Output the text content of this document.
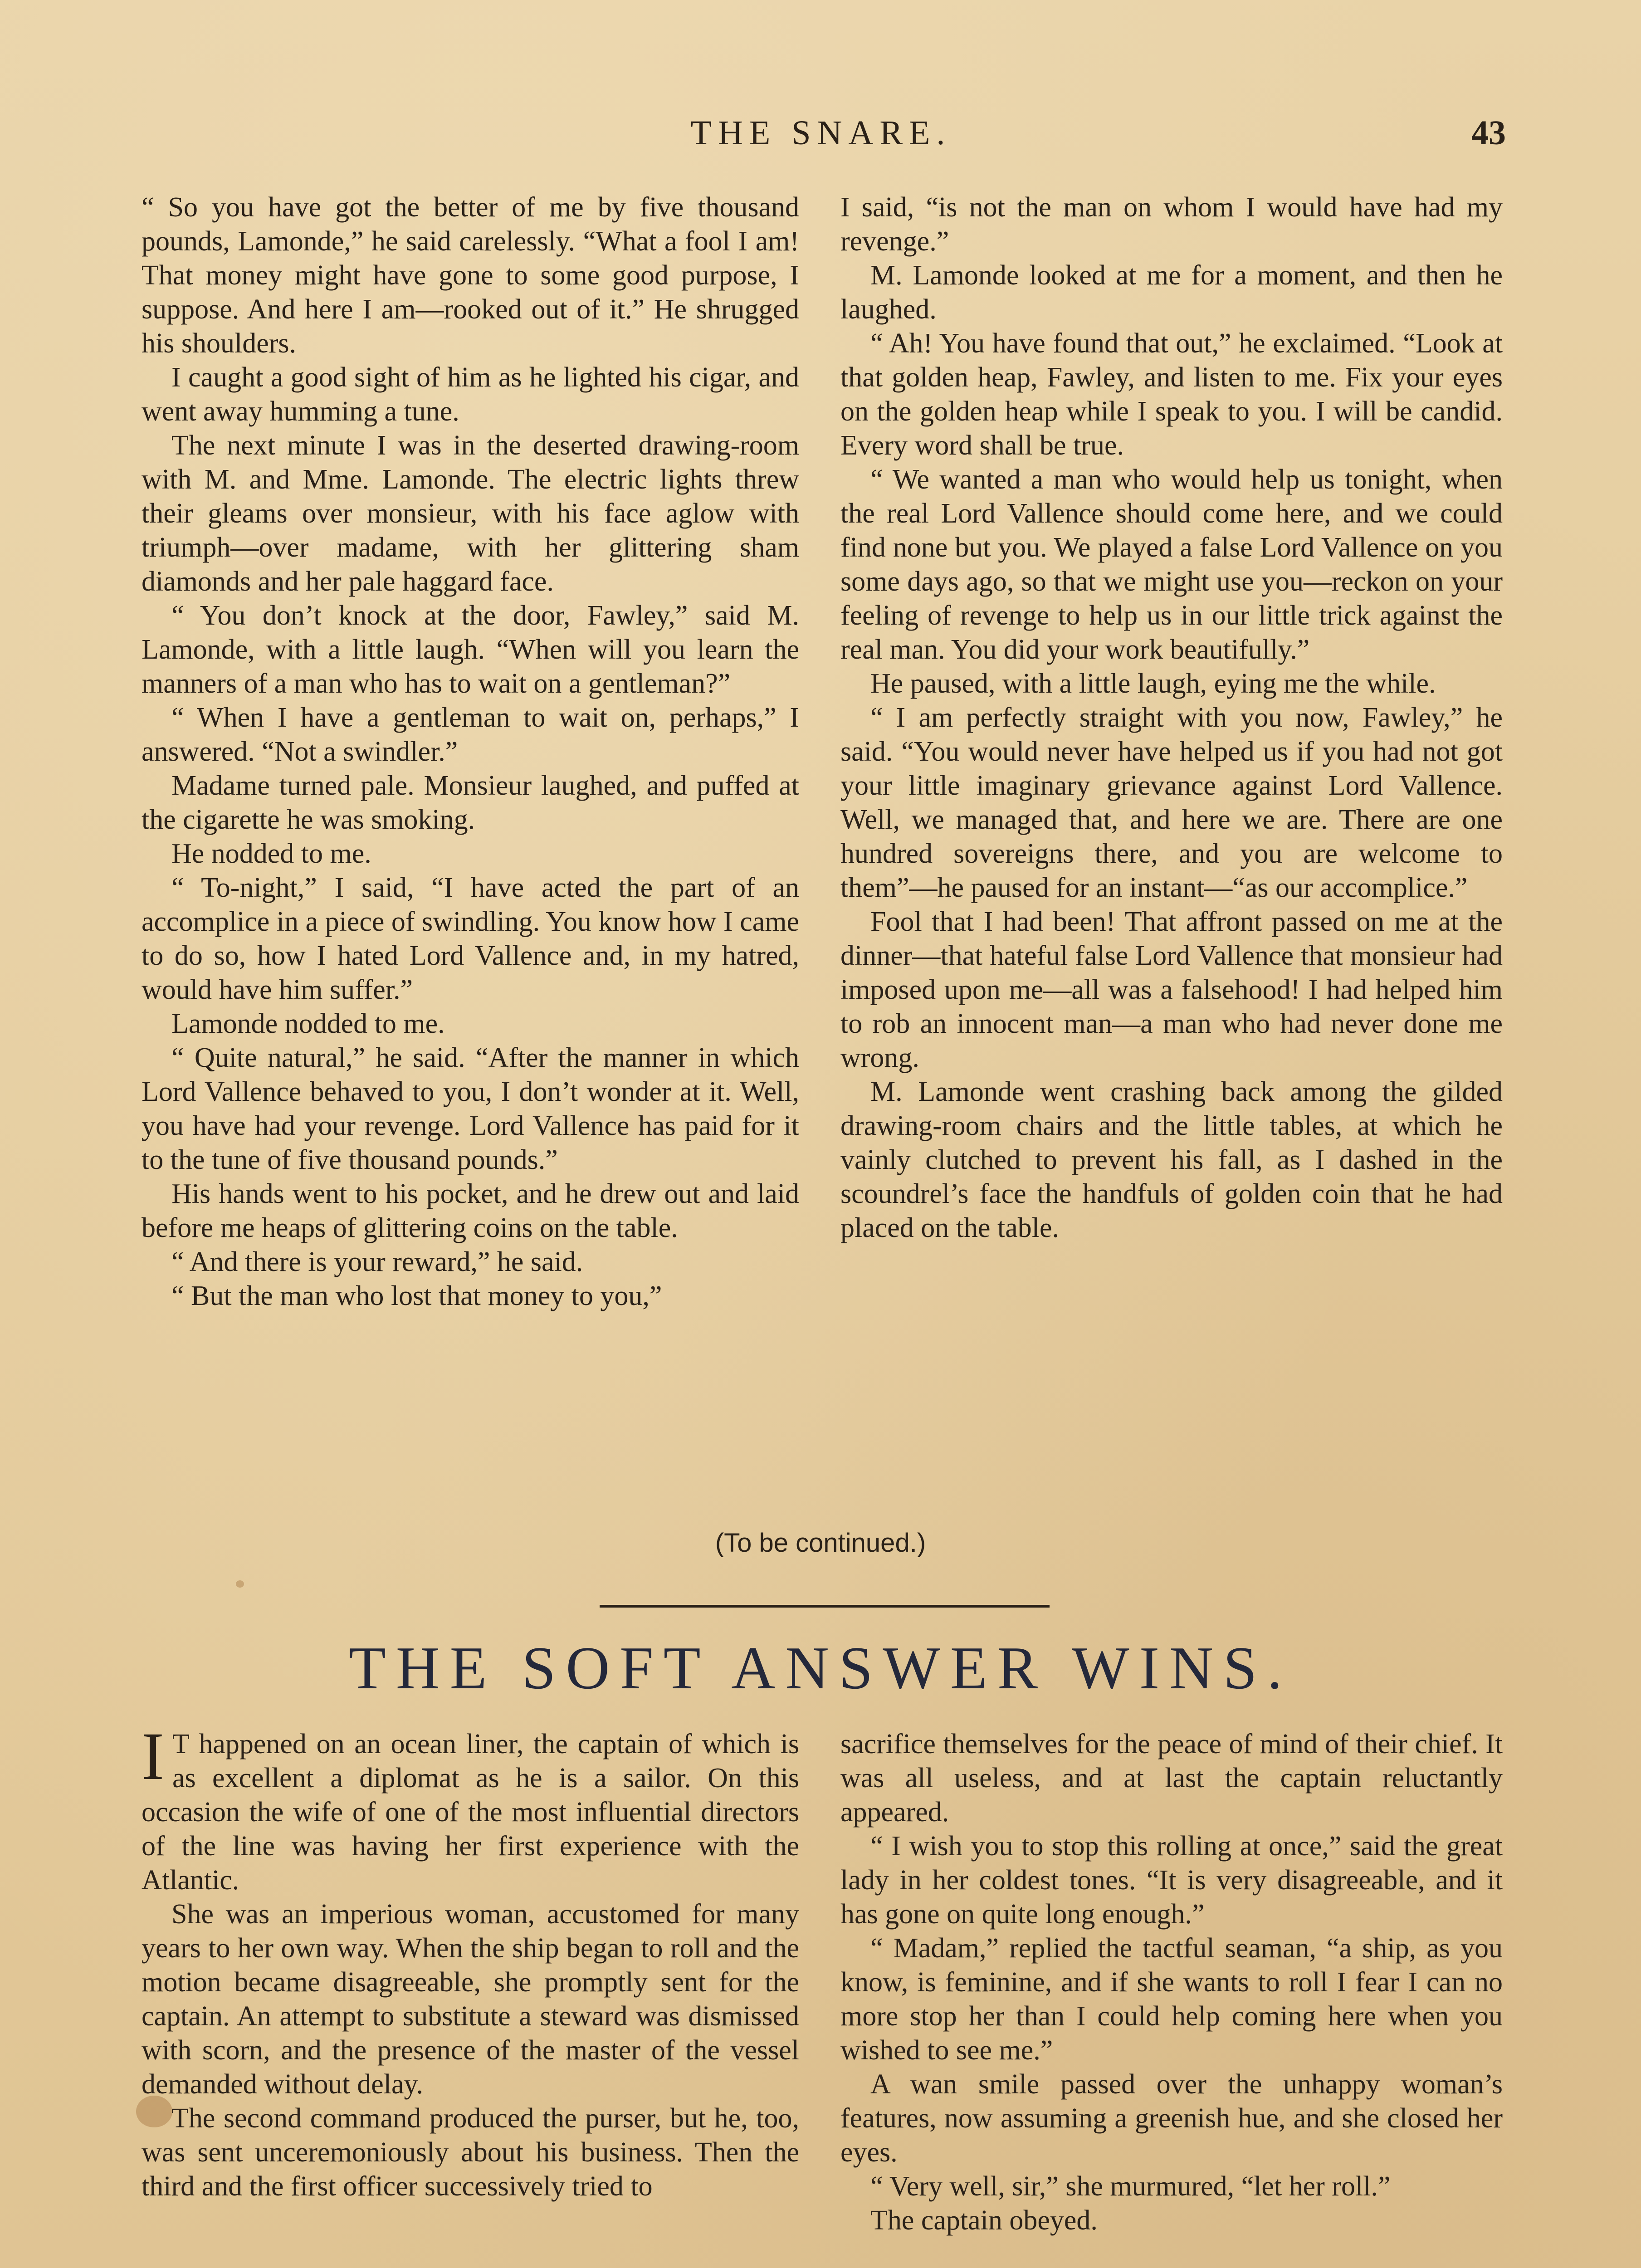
THE SNARE.	43

“ So you have got the better of me by five thousand pounds, Lamonde,” he said carelessly. “What a fool I am! That money might have gone to some good purpose, I suppose. And here I am—rooked out of it.” He shrugged his shoulders.

I caught a good sight of him as he lighted his cigar, and went away humming a tune.

The next minute I was in the deserted drawing-room with M. and Mme. Lamonde. The electric lights threw their gleams over monsieur, with his face aglow with triumph—over madame, with her glittering sham diamonds and her pale haggard face.

“ You don’t knock at the door, Fawley,” said M. Lamonde, with a little laugh. “When will you learn the manners of a man who has to wait on a gentleman?”

“ When I have a gentleman to wait on, perhaps,” I answered. “Not a swindler.”

Madame turned pale. Monsieur laughed, and puffed at the cigarette he was smoking.

He nodded to me.

“ To-night,” I said, “I have acted the part of an accomplice in a piece of swindling. You know how I came to do so, how I hated Lord Vallence and, in my hatred, would have him suffer.”

Lamonde nodded to me.

“ Quite natural,” he said. “After the manner in which Lord Vallence behaved to you, I don’t wonder at it. Well, you have had your revenge. Lord Vallence has paid for it to the tune of five thousand pounds.”

His hands went to his pocket, and he drew out and laid before me heaps of glittering coins on the table.

“ And there is your reward,” he said.

“ But the man who lost that money to you,”

I said, “is not the man on whom I would have had my revenge.”

M. Lamonde looked at me for a moment, and then he laughed.

“ Ah! You have found that out,” he exclaimed. “Look at that golden heap, Fawley, and listen to me. Fix your eyes on the golden heap while I speak to you. I will be candid. Every word shall be true.

“ We wanted a man who would help us tonight, when the real Lord Vallence should come here, and we could find none but you. We played a false Lord Vallence on you some days ago, so that we might use you—reckon on your feeling of revenge to help us in our little trick against the real man. You did your work beautifully.”

He paused, with a little laugh, eying me the while.

“ I am perfectly straight with you now, Fawley,” he said. “You would never have helped us if you had not got your little imaginary grievance against Lord Vallence. Well, we managed that, and here we are. There are one hundred sovereigns there, and you are welcome to them”—he paused for an instant—“as our accomplice.”

Fool that I had been! That affront passed on me at the dinner—that hateful false Lord Vallence that monsieur had imposed upon me—all was a falsehood! I had helped him to rob an innocent man—a man who had never done me wrong.

M. Lamonde went crashing back among the gilded drawing-room chairs and the little tables, at which he vainly clutched to prevent his fall, as I dashed in the scoundrel’s face the handfuls of golden coin that he had placed on the table.

(To be continued.)
THE SOFT ANSWER WINS.

I T happened on an ocean liner, the captain of which is as excellent a diplomat as he is a sailor. On this occasion the wife of one of the most influential directors of the line was having her first experience with the Atlantic.

She was an imperious woman, accustomed for many years to her own way. When the ship began to roll and the motion became disagreeable, she promptly sent for the captain. An attempt to substitute a steward was dismissed with scorn, and the presence of the master of the vessel demanded without delay.

The second command produced the purser, but he, too, was sent unceremoniously about his business. Then the third and the first officer successively tried to

sacrifice themselves for the peace of mind of their chief. It was all useless, and at last the captain reluctantly appeared.

“ I wish you to stop this rolling at once,” said the great lady in her coldest tones. “It is very disagreeable, and it has gone on quite long enough.”

“ Madam,” replied the tactful seaman, “a ship, as you know, is feminine, and if she wants to roll I fear I can no more stop her than I could help coming here when you wished to see me.”

A wan smile passed over the unhappy woman’s features, now assuming a greenish hue, and she closed her eyes.

“ Very well, sir,” she murmured, “let her roll.”

The captain obeyed.
